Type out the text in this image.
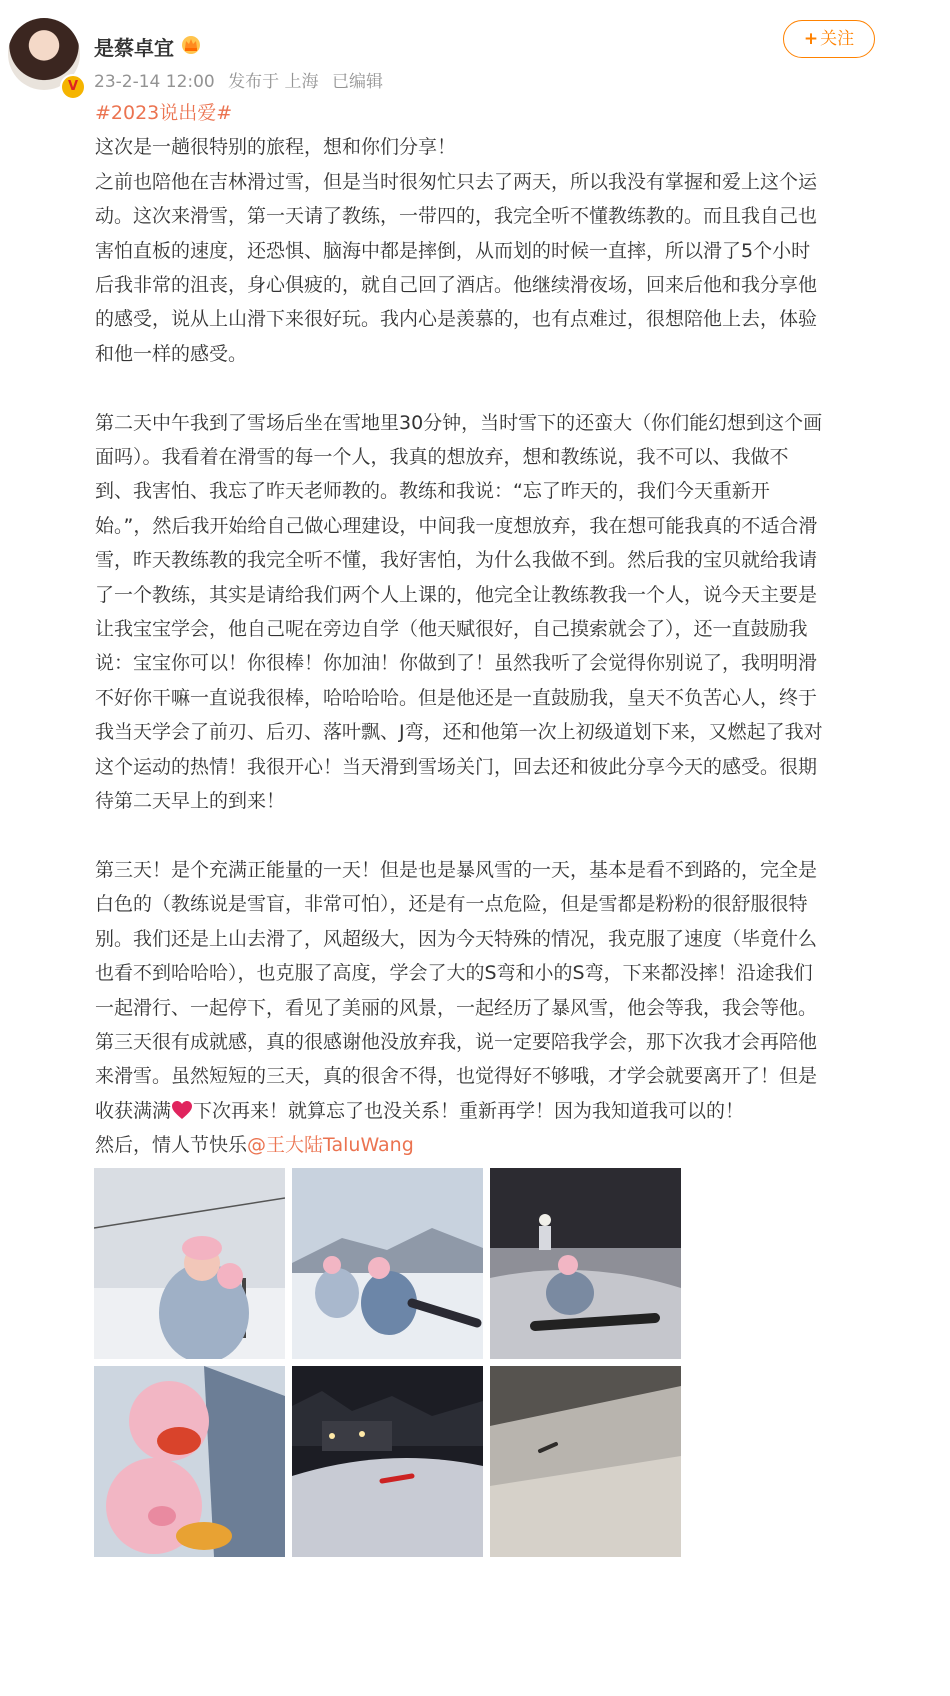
V
是蔡卓宜
23-2-14 12:00 发布于 上海 已编辑
+ 关注

#2023说出爱#

这次是一趟很特别的旅程，想和你们分享！

之前也陪他在吉林滑过雪，但是当时很匆忙只去了两天，所以我没有掌握和爱上这个运

动。这次来滑雪，第一天请了教练，一带四的，我完全听不懂教练教的。而且我自己也

害怕直板的速度，还恐惧、脑海中都是摔倒，从而划的时候一直摔，所以滑了5个小时

后我非常的沮丧，身心俱疲的，就自己回了酒店。他继续滑夜场，回来后他和我分享他

的感受，说从上山滑下来很好玩。我内心是羡慕的，也有点难过，很想陪他上去，体验

和他一样的感受。

第二天中午我到了雪场后坐在雪地里30分钟，当时雪下的还蛮大（你们能幻想到这个画

面吗）。我看着在滑雪的每一个人，我真的想放弃，想和教练说，我不可以、我做不

到、我害怕、我忘了昨天老师教的。教练和我说：“忘了昨天的，我们今天重新开

始。”，然后我开始给自己做心理建设，中间我一度想放弃，我在想可能我真的不适合滑

雪，昨天教练教的我完全听不懂，我好害怕，为什么我做不到。然后我的宝贝就给我请

了一个教练，其实是请给我们两个人上课的，他完全让教练教我一个人，说今天主要是

让我宝宝学会，他自己呢在旁边自学（他天赋很好，自己摸索就会了），还一直鼓励我

说：宝宝你可以！你很棒！你加油！你做到了！虽然我听了会觉得你别说了，我明明滑

不好你干嘛一直说我很棒，哈哈哈哈。但是他还是一直鼓励我，皇天不负苦心人，终于

我当天学会了前刃、后刃、落叶飘、J弯，还和他第一次上初级道划下来，又燃起了我对

这个运动的热情！我很开心！当天滑到雪场关门，回去还和彼此分享今天的感受。很期

待第二天早上的到来！

第三天！是个充满正能量的一天！但是也是暴风雪的一天，基本是看不到路的，完全是

白色的（教练说是雪盲，非常可怕），还是有一点危险，但是雪都是粉粉的很舒服很特

别。我们还是上山去滑了，风超级大，因为今天特殊的情况，我克服了速度（毕竟什么

也看不到哈哈哈），也克服了高度，学会了大的S弯和小的S弯，下来都没摔！沿途我们

一起滑行、一起停下，看见了美丽的风景，一起经历了暴风雪，他会等我，我会等他。

第三天很有成就感，真的很感谢他没放弃我，说一定要陪我学会，那下次我才会再陪他

来滑雪。虽然短短的三天，真的很舍不得，也觉得好不够哦，才学会就要离开了！但是

收获满满 下次再来！就算忘了也没关系！重新再学！因为我知道我可以的！

然后，情人节快乐@王大陆TaluWang
